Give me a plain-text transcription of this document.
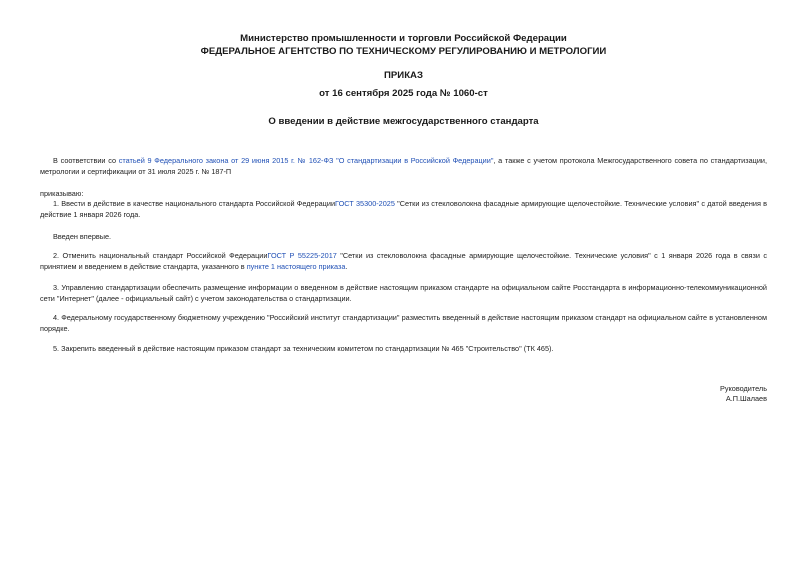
Министерство промышленности и торговли Российской Федерации
ФЕДЕРАЛЬНОЕ АГЕНТСТВО ПО ТЕХНИЧЕСКОМУ РЕГУЛИРОВАНИЮ И МЕТРОЛОГИИ
ПРИКАЗ
от 16 сентября 2025 года № 1060-ст
О введении в действие межгосударственного стандарта
В соответствии со статьей 9 Федерального закона от 29 июня 2015 г. № 162-ФЗ "О стандартизации в Российской Федерации", а также с учетом протокола Межгосударственного совета по стандартизации, метрологии и сертификации от 31 июля 2025 г. № 187-П
приказываю:
1. Ввести в действие в качестве национального стандарта Российской ФедерацииГОСТ 35300-2025 "Сетки из стекловолокна фасадные армирующие щелочестойкие. Технические условия" с датой введения в действие 1 января 2026 года.
Введен впервые.
2. Отменить национальный стандарт Российской ФедерацииГОСТ Р 55225-2017 "Сетки из стекловолокна фасадные армирующие щелочестойкие. Технические условия" с 1 января 2026 года в связи с принятием и введением в действие стандарта, указанного в пункте 1 настоящего приказа.
3. Управлению стандартизации обеспечить размещение информации о введенном в действие настоящим приказом стандарте на официальном сайте Росстандарта в информационно-телекоммуникационной сети "Интернет" (далее - официальный сайт) с учетом законодательства о стандартизации.
4. Федеральному государственному бюджетному учреждению "Российский институт стандартизации" разместить введенный в действие настоящим приказом стандарт на официальном сайте в установленном порядке.
5. Закрепить введенный в действие настоящим приказом стандарт за техническим комитетом по стандартизации № 465 "Строительство" (ТК 465).
Руководитель
А.П.Шалаев
